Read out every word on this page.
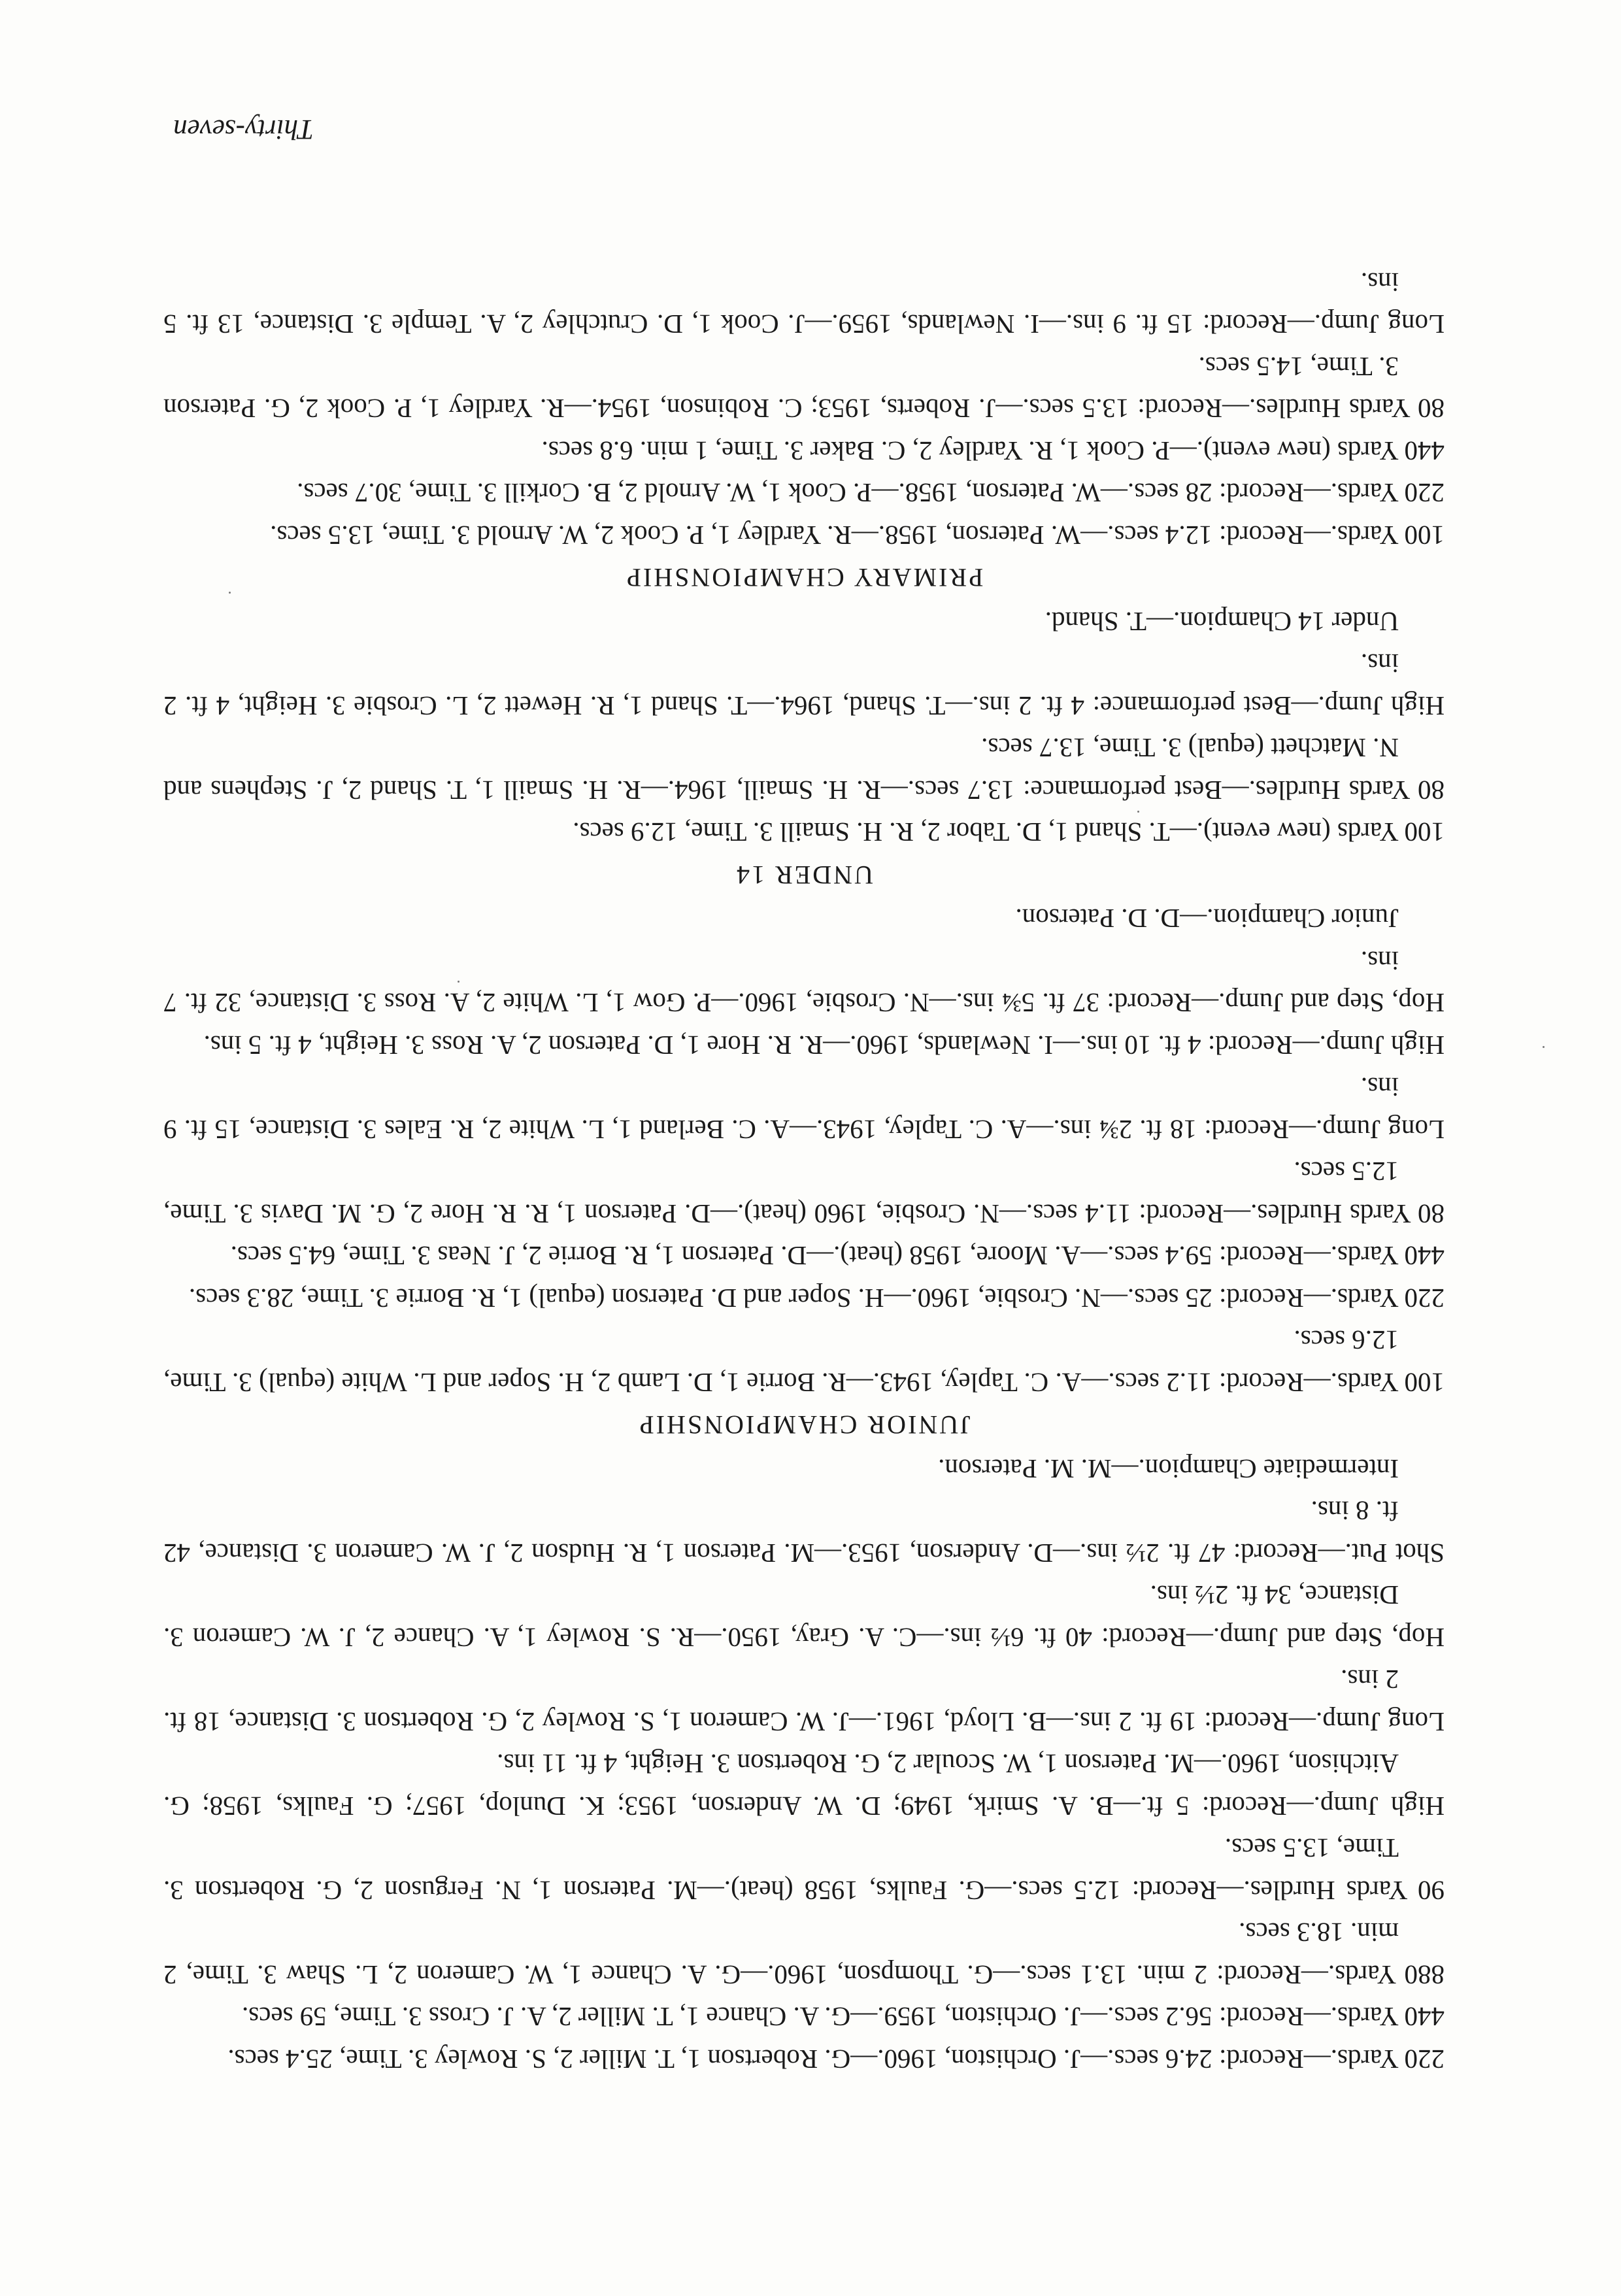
220 Yards.—Record: 24.6 secs.—J. Orchiston, 1960.—G. Robertson 1, T. Miller 2, S. Rowley 3. Time, 25.4 secs.

440 Yards.—Record: 56.2 secs.—J. Orchiston, 1959.—G. A. Chance 1, T. Miller 2, A. J. Cross 3. Time, 59 secs.

880 Yards.—Record: 2 min. 13.1 secs.—G. Thompson, 1960.—G. A. Chance 1, W. Cameron 2, L. Shaw 3. Time, 2 min. 18.3 secs.

90 Yards Hurdles.—Record: 12.5 secs.—G. Faulks, 1958 (heat).—M. Paterson 1, N. Ferguson 2, G. Robertson 3. Time, 13.5 secs.

High Jump.—Record: 5 ft.—B. A. Smirk, 1949; D. W. Anderson, 1953; K. Dunlop, 1957; G. Faulks, 1958; G. Aitchison, 1960.—M. Paterson 1, W. Scoular 2, G. Robertson 3. Height, 4 ft. 11 ins.

Long Jump.—Record: 19 ft. 2 ins.—B. Lloyd, 1961.—J. W. Cameron 1, S. Rowley 2, G. Robertson 3. Distance, 18 ft. 2 ins.

Hop, Step and Jump.—Record: 40 ft. 6½ ins.—C. A. Gray, 1950.—R. S. Rowley 1, A. Chance 2, J. W. Cameron 3. Distance, 34 ft. 2½ ins.

Shot Put.—Record: 47 ft. 2½ ins.—D. Anderson, 1953.—M. Paterson 1, R. Hudson 2, J. W. Cameron 3. Distance, 42 ft. 8 ins.

Intermediate Champion.—M. M. Paterson.

JUNIOR CHAMPIONSHIP

100 Yards.—Record: 11.2 secs.—A. C. Tapley, 1943.—R. Borrie 1, D. Lamb 2, H. Soper and L. White (equal) 3. Time, 12.6 secs.

220 Yards.—Record: 25 secs.—N. Crosbie, 1960.—H. Soper and D. Paterson (equal) 1, R. Borrie 3. Time, 28.3 secs.

440 Yards.—Record: 59.4 secs.—A. Moore, 1958 (heat).—D. Paterson 1, R. Borrie 2, J. Neas 3. Time, 64.5 secs.

80 Yards Hurdles.—Record: 11.4 secs.—N. Crosbie, 1960 (heat).—D. Paterson 1, R. R. Hore 2, G. M. Davis 3. Time, 12.5 secs.

Long Jump.—Record: 18 ft. 2¾ ins.—A. C. Tapley, 1943.—A. C. Berland 1, L. White 2, R. Eales 3. Distance, 15 ft. 9 ins.

High Jump.—Record: 4 ft. 10 ins.—I. Newlands, 1960.—R. R. Hore 1, D. Paterson 2, A. Ross 3. Height, 4 ft. 5 ins.

Hop, Step and Jump.—Record: 37 ft. 5¾ ins.—N. Crosbie, 1960.—P. Gow 1, L. White 2, A. Ross 3. Distance, 32 ft. 7 ins.

Junior Champion.—D. D. Paterson.

UNDER 14

100 Yards (new event).—T. Shand 1, D. Tabor 2, R. H. Smaill 3. Time, 12.9 secs.

80 Yards Hurdles.—Best performance: 13.7 secs.—R. H. Smaill, 1964.—R. H. Smaill 1, T. Shand 2, J. Stephens and N. Matchett (equal) 3. Time, 13.7 secs.

High Jump.—Best performance: 4 ft. 2 ins.—T. Shand, 1964.—T. Shand 1, R. Hewett 2, L. Crosbie 3. Height, 4 ft. 2 ins.

Under 14 Champion.—T. Shand.

PRIMARY CHAMPIONSHIP

100 Yards.—Record: 12.4 secs.—W. Paterson, 1958.—R. Yardley 1, P. Cook 2, W. Arnold 3. Time, 13.5 secs.

220 Yards.—Record: 28 secs.—W. Paterson, 1958.—P. Cook 1, W. Arnold 2, B. Corkill 3. Time, 30.7 secs.

440 Yards (new event).—P. Cook 1, R. Yardley 2, C. Baker 3. Time, 1 min. 6.8 secs.

80 Yards Hurdles.—Record: 13.5 secs.—J. Roberts, 1953; C. Robinson, 1954.—R. Yardley 1, P. Cook 2, G. Paterson 3. Time, 14.5 secs.

Long Jump.—Record: 15 ft. 9 ins.—I. Newlands, 1959.—J. Cook 1, D. Crutchley 2, A. Temple 3. Distance, 13 ft. 5 ins.

Thirty-seven
